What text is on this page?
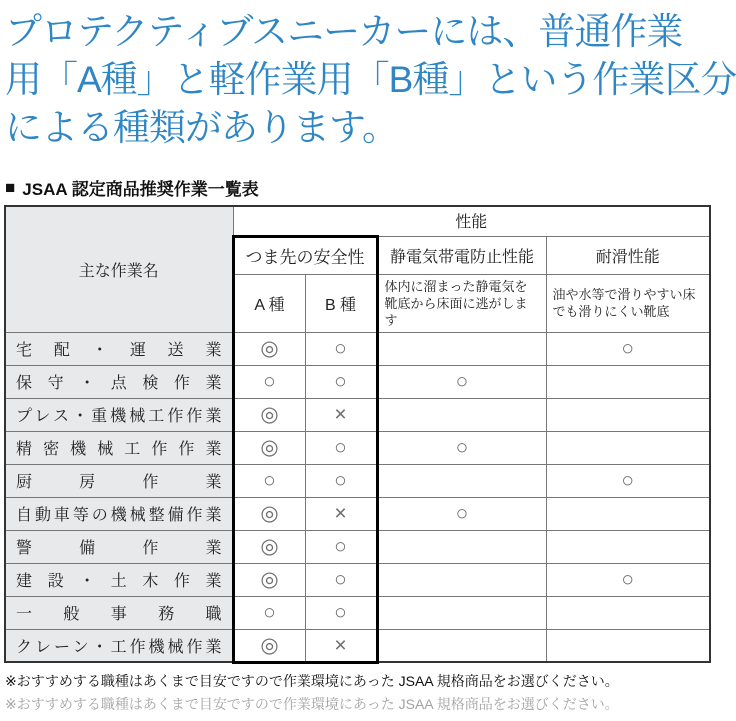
プロテクティブスニーカーには、普通作業
用「A種」と軽作業用「B種」という作業区分
による種類があります。
■ JSAA 認定商品推奨作業一覧表
主な作業名	性能			
	つま先の安全性		静電気帯電防止性能	耐滑性能
	A 種	B 種	体内に溜まった静電気を靴底から床面に逃がします	油や水等で滑りやすい床でも滑りにくい靴底
宅配・運送業	◎	○		○
保守・点検作業	○	○	○	
プレス・重機械工作作業	◎	×		
精密機械工作作業	◎	○	○	
厨房作業	○	○		○
自動車等の機械整備作業	◎	×	○	
警備作業	◎	○		
建設・土木作業	◎	○		○
一般事務職	○	○		
クレーン・工作機械作業	◎	×		
※おすすめする職種はあくまで目安ですので作業環境にあった JSAA 規格商品をお選びください。
※おすすめする職種はあくまで目安ですので作業環境にあった JSAA 規格商品をお選びください。
